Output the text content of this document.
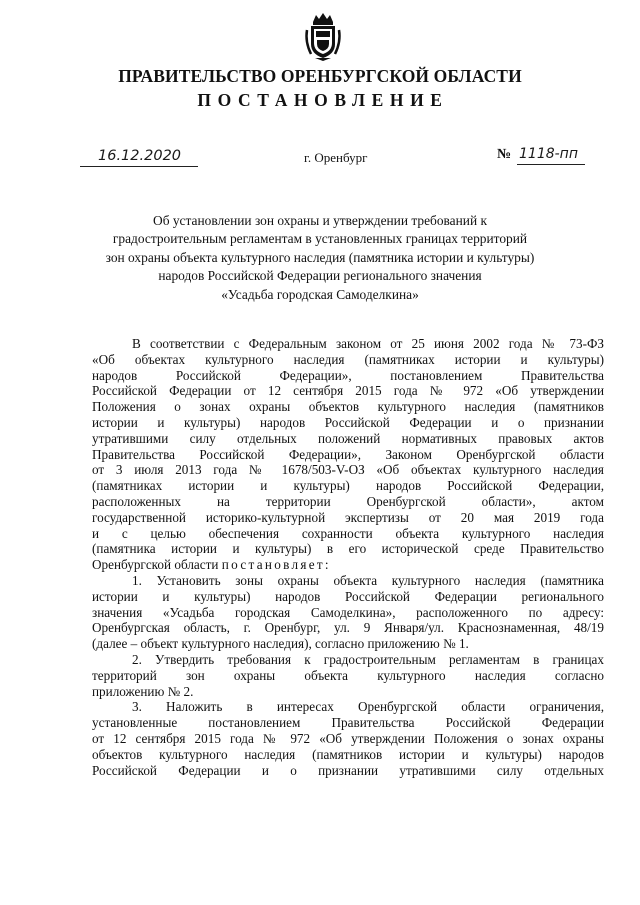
ПРАВИТЕЛЬСТВО ОРЕНБУРГСКОЙ ОБЛАСТИ
ПОСТАНОВЛЕНИЕ
16.12.2020	г. Оренбург	№ 1118-пп
Об установлении зон охраны и утверждении требований к
градостроительным регламентам в установленных границах территорий
зон охраны объекта культурного наследия (памятника истории и культуры)
народов Российской Федерации регионального значения
«Усадьба городская Самоделкина»
В соответствии с Федеральным законом от 25 июня 2002 года № 73-ФЗ
«Об объектах культурного наследия (памятниках истории и культуры)
народов Российской Федерации», постановлением Правительства
Российской Федерации от 12 сентября 2015 года № 972 «Об утверждении
Положения о зонах охраны объектов культурного наследия (памятников
истории и культуры) народов Российской Федерации и о признании
утратившими силу отдельных положений нормативных правовых актов
Правительства Российской Федерации», Законом Оренбургской области
от 3 июля 2013 года № 1678/503-V-ОЗ «Об объектах культурного наследия
(памятниках истории и культуры) народов Российской Федерации,
расположенных на территории Оренбургской области», актом
государственной историко-культурной экспертизы от 20 мая 2019 года
и с целью обеспечения сохранности объекта культурного наследия
(памятника истории и культуры) в его исторической среде Правительство
Оренбургской области постановляет:
1. Установить зоны охраны объекта культурного наследия (памятника
истории и культуры) народов Российской Федерации регионального
значения «Усадьба городская Самоделкина», расположенного по адресу:
Оренбургская область, г. Оренбург, ул. 9 Января/ул. Краснознаменная, 48/19
(далее – объект культурного наследия), согласно приложению № 1.
2. Утвердить требования к градостроительным регламентам в границах
территорий зон охраны объекта культурного наследия согласно
приложению № 2.
3. Наложить в интересах Оренбургской области ограничения,
установленные постановлением Правительства Российской Федерации
от 12 сентября 2015 года № 972 «Об утверждении Положения о зонах охраны
объектов культурного наследия (памятников истории и культуры) народов
Российской Федерации и о признании утратившими силу отдельных
